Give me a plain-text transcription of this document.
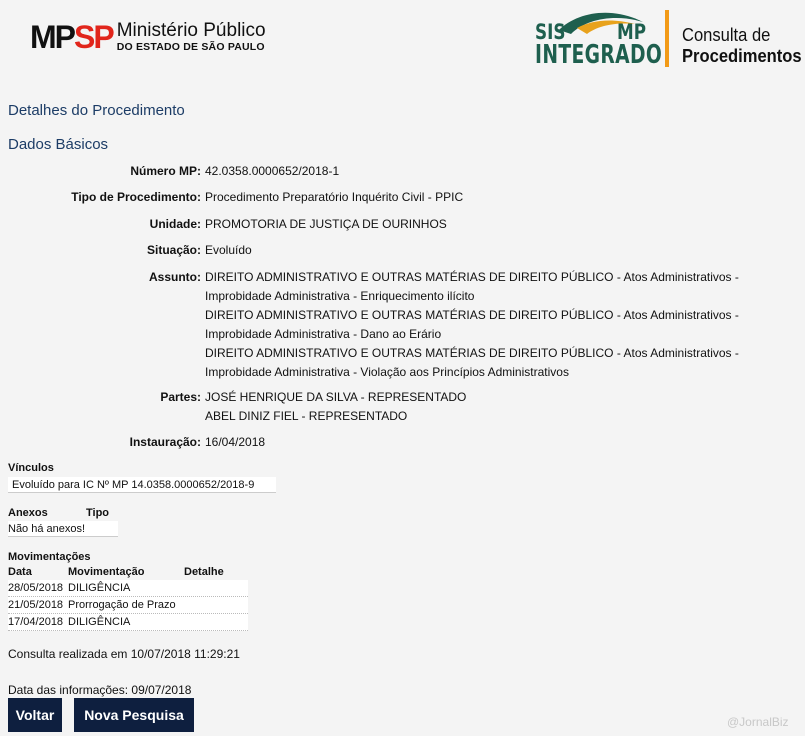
MPSP Ministério Público
DO ESTADO DE SÃO PAULO
SIS MP
INTEGRADO
Consulta de
Procedimentos
Detalhes do Procedimento
Dados Básicos
Número MP: 42.0358.0000652/2018-1
Tipo de Procedimento: Procedimento Preparatório Inquérito Civil - PPIC
Unidade: PROMOTORIA DE JUSTIÇA DE OURINHOS
Situação: Evoluído
Assunto: DIREITO ADMINISTRATIVO E OUTRAS MATÉRIAS DE DIREITO PÚBLICO - Atos Administrativos -
Improbidade Administrativa - Enriquecimento ilícito
DIREITO ADMINISTRATIVO E OUTRAS MATÉRIAS DE DIREITO PÚBLICO - Atos Administrativos -
Improbidade Administrativa - Dano ao Erário
DIREITO ADMINISTRATIVO E OUTRAS MATÉRIAS DE DIREITO PÚBLICO - Atos Administrativos -
Improbidade Administrativa - Violação aos Princípios Administrativos
Partes: JOSÉ HENRIQUE DA SILVA - REPRESENTADO
ABEL DINIZ FIEL - REPRESENTADO
Instauração: 16/04/2018
Vínculos
Evoluído para IC Nº MP 14.0358.0000652/2018-9
Anexos	Tipo
Não há anexos!
Movimentações
Data	Movimentação	Detalhe
28/05/2018 DILIGÊNCIA
21/05/2018 Prorrogação de Prazo
17/04/2018 DILIGÊNCIA
Consulta realizada em 10/07/2018 11:29:21
Data das informações: 09/07/2018
Voltar	Nova Pesquisa	@JornalBiz
